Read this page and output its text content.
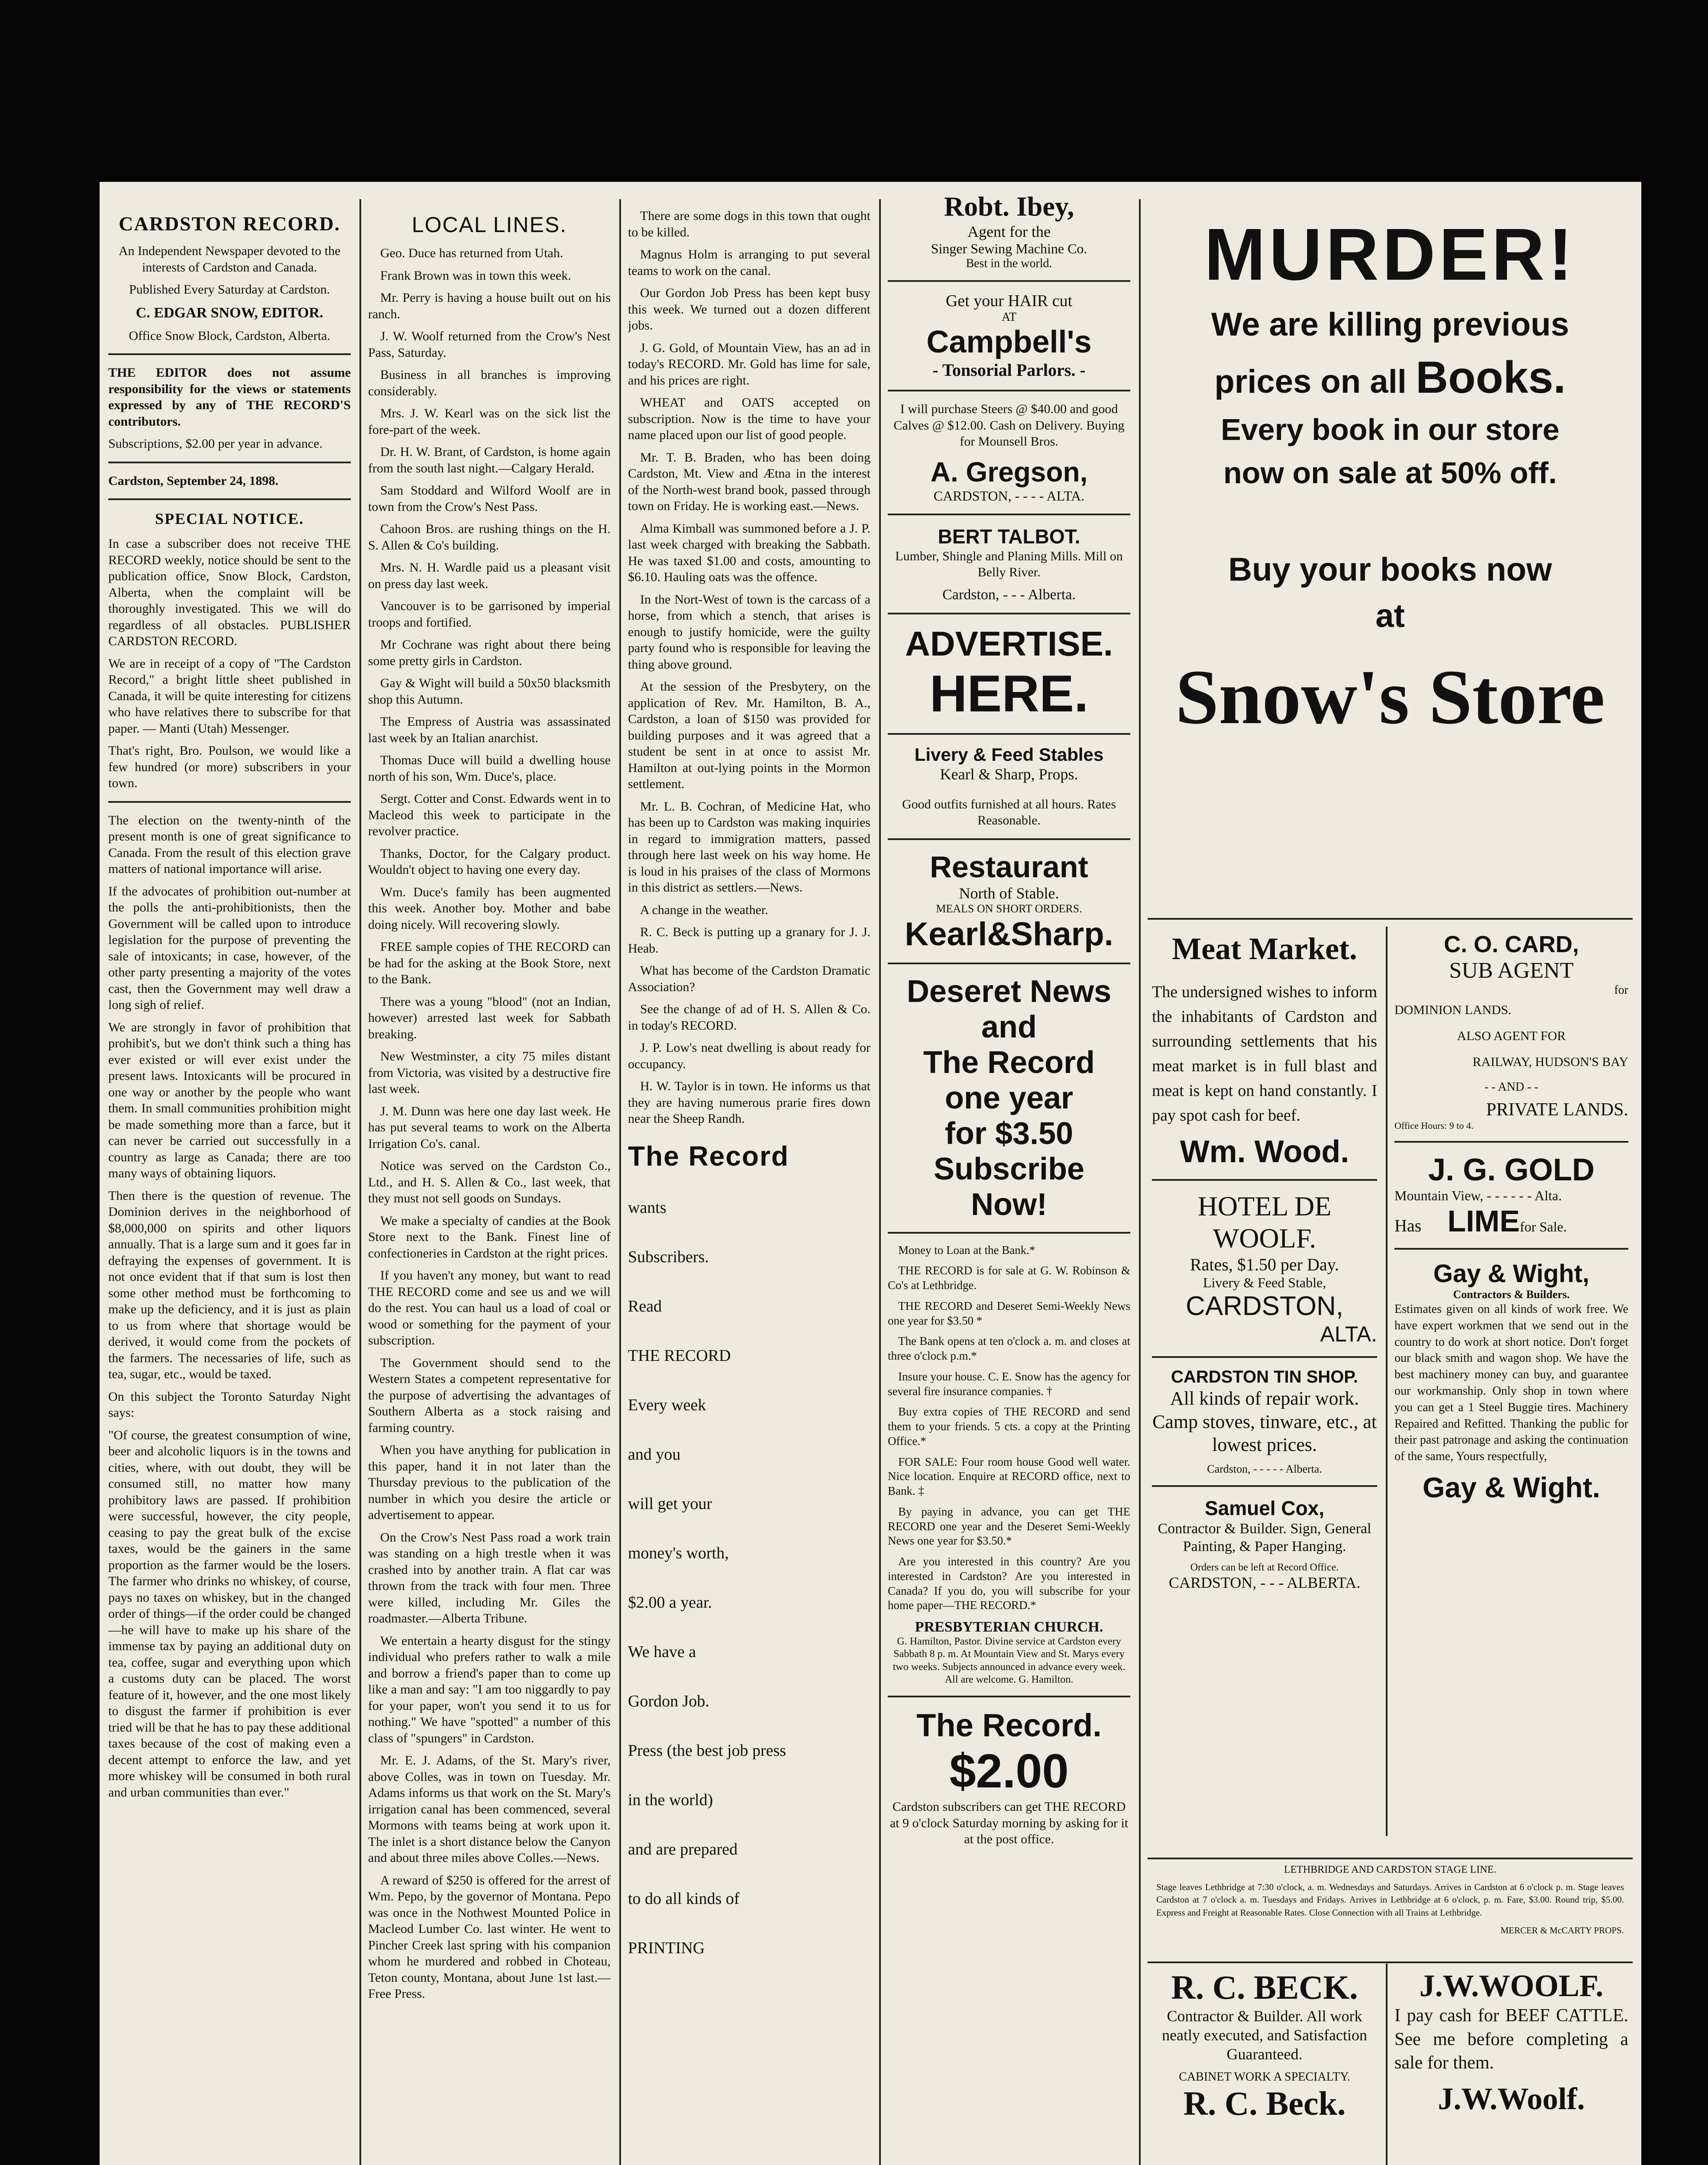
CARDSTON RECORD.

An Independent Newspaper devoted to the interests of Cardston and Canada.

Published Every Saturday at Cardston.

C. EDGAR SNOW, EDITOR.

Office Snow Block, Cardston, Alberta.

THE EDITOR does not assume responsibility for the views or statements expressed by any of THE RECORD'S contributors.

Subscriptions, $2.00 per year in advance.

Cardston, September 24, 1898.

SPECIAL NOTICE.

In case a subscriber does not receive THE RECORD weekly, notice should be sent to the publication office, Snow Block, Cardston, Alberta, when the complaint will be thoroughly investigated. This we will do regardless of all obstacles. PUBLISHER CARDSTON RECORD.

We are in receipt of a copy of "The Cardston Record," a bright little sheet published in Canada, it will be quite interesting for citizens who have relatives there to subscribe for that paper. — Manti (Utah) Messenger.

That's right, Bro. Poulson, we would like a few hundred (or more) subscribers in your town.

The election on the twenty-ninth of the present month is one of great significance to Canada. From the result of this election grave matters of national importance will arise.

If the advocates of prohibition out-number at the polls the anti-prohibitionists, then the Government will be called upon to introduce legislation for the purpose of preventing the sale of intoxicants; in case, however, of the other party presenting a majority of the votes cast, then the Government may well draw a long sigh of relief.

We are strongly in favor of prohibition that prohibit's, but we don't think such a thing has ever existed or will ever exist under the present laws. Intoxicants will be procured in one way or another by the people who want them. In small communities prohibition might be made something more than a farce, but it can never be carried out successfully in a country as large as Canada; there are too many ways of obtaining liquors.

Then there is the question of revenue. The Dominion derives in the neighborhood of $8,000,000 on spirits and other liquors annually. That is a large sum and it goes far in defraying the expenses of government. It is not once evident that if that sum is lost then some other method must be forthcoming to make up the deficiency, and it is just as plain to us from where that shortage would be derived, it would come from the pockets of the farmers. The necessaries of life, such as tea, sugar, etc., would be taxed.

On this subject the Toronto Saturday Night says:

"Of course, the greatest consumption of wine, beer and alcoholic liquors is in the towns and cities, where, with out doubt, they will be consumed still, no matter how many prohibitory laws are passed. If prohibition were successful, however, the city people, ceasing to pay the great bulk of the excise taxes, would be the gainers in the same proportion as the farmer would be the losers. The farmer who drinks no whiskey, of course, pays no taxes on whiskey, but in the changed order of things—if the order could be changed—he will have to make up his share of the immense tax by paying an additional duty on tea, coffee, sugar and everything upon which a customs duty can be placed. The worst feature of it, however, and the one most likely to disgust the farmer if prohibition is ever tried will be that he has to pay these additional taxes because of the cost of making even a decent attempt to enforce the law, and yet more whiskey will be consumed in both rural and urban communities than ever."

LOCAL LINES.

Geo. Duce has returned from Utah.

Frank Brown was in town this week.

Mr. Perry is having a house built out on his ranch.

J. W. Woolf returned from the Crow's Nest Pass, Saturday.

Business in all branches is improving considerably.

Mrs. J. W. Kearl was on the sick list the fore-part of the week.

Dr. H. W. Brant, of Cardston, is home again from the south last night.—Calgary Herald.

Sam Stoddard and Wilford Woolf are in town from the Crow's Nest Pass.

Cahoon Bros. are rushing things on the H. S. Allen & Co's building.

Mrs. N. H. Wardle paid us a pleasant visit on press day last week.

Vancouver is to be garrisoned by imperial troops and fortified.

Mr Cochrane was right about there being some pretty girls in Cardston.

Gay & Wight will build a 50x50 blacksmith shop this Autumn.

The Empress of Austria was assassinated last week by an Italian anarchist.

Thomas Duce will build a dwelling house north of his son, Wm. Duce's, place.

Sergt. Cotter and Const. Edwards went in to Macleod this week to participate in the revolver practice.

Thanks, Doctor, for the Calgary product. Wouldn't object to having one every day.

Wm. Duce's family has been augmented this week. Another boy. Mother and babe doing nicely. Will recovering slowly.

FREE sample copies of THE RECORD can be had for the asking at the Book Store, next to the Bank.

There was a young "blood" (not an Indian, however) arrested last week for Sabbath breaking.

New Westminster, a city 75 miles distant from Victoria, was visited by a destructive fire last week.

J. M. Dunn was here one day last week. He has put several teams to work on the Alberta Irrigation Co's. canal.

Notice was served on the Cardston Co., Ltd., and H. S. Allen & Co., last week, that they must not sell goods on Sundays.

We make a specialty of candies at the Book Store next to the Bank. Finest line of confectioneries in Cardston at the right prices.

If you haven't any money, but want to read THE RECORD come and see us and we will do the rest. You can haul us a load of coal or wood or something for the payment of your subscription.

The Government should send to the Western States a competent representative for the purpose of advertising the advantages of Southern Alberta as a stock raising and farming country.

When you have anything for publication in this paper, hand it in not later than the Thursday previous to the publication of the number in which you desire the article or advertisement to appear.

On the Crow's Nest Pass road a work train was standing on a high trestle when it was crashed into by another train. A flat car was thrown from the track with four men. Three were killed, including Mr. Giles the roadmaster.—Alberta Tribune.

We entertain a hearty disgust for the stingy individual who prefers rather to walk a mile and borrow a friend's paper than to come up like a man and say: "I am too niggardly to pay for your paper, won't you send it to us for nothing." We have "spotted" a number of this class of "spungers" in Cardston.

Mr. E. J. Adams, of the St. Mary's river, above Colles, was in town on Tuesday. Mr. Adams informs us that work on the St. Mary's irrigation canal has been commenced, several Mormons with teams being at work upon it. The inlet is a short distance below the Canyon and about three miles above Colles.—News.

A reward of $250 is offered for the arrest of Wm. Pepo, by the governor of Montana. Pepo was once in the Nothwest Mounted Police in Macleod Lumber Co. last winter. He went to Pincher Creek last spring with his companion whom he murdered and robbed in Choteau, Teton county, Montana, about June 1st last.—Free Press.

There are some dogs in this town that ought to be killed.

Magnus Holm is arranging to put several teams to work on the canal.

Our Gordon Job Press has been kept busy this week. We turned out a dozen different jobs.

J. G. Gold, of Mountain View, has an ad in today's RECORD. Mr. Gold has lime for sale, and his prices are right.

WHEAT and OATS accepted on subscription. Now is the time to have your name placed upon our list of good people.

Mr. T. B. Braden, who has been doing Cardston, Mt. View and Ætna in the interest of the North-west brand book, passed through town on Friday. He is working east.—News.

Alma Kimball was summoned before a J. P. last week charged with breaking the Sabbath. He was taxed $1.00 and costs, amounting to $6.10. Hauling oats was the offence.

In the Nort-West of town is the carcass of a horse, from which a stench, that arises is enough to justify homicide, were the guilty party found who is responsible for leaving the thing above ground.

At the session of the Presbytery, on the application of Rev. Mr. Hamilton, B. A., Cardston, a loan of $150 was provided for building purposes and it was agreed that a student be sent in at once to assist Mr. Hamilton at out-lying points in the Mormon settlement.

Mr. L. B. Cochran, of Medicine Hat, who has been up to Cardston was making inquiries in regard to immigration matters, passed through here last week on his way home. He is loud in his praises of the class of Mormons in this district as settlers.—News.

A change in the weather.

R. C. Beck is putting up a granary for J. J. Heab.

What has become of the Cardston Dramatic Association?

See the change of ad of H. S. Allen & Co. in today's RECORD.

J. P. Low's neat dwelling is about ready for occupancy.

H. W. Taylor is in town. He informs us that they are having numerous prarie fires down near the Sheep Randh.

The Record
wants
Subscribers.
Read
THE RECORD
Every week
and you
will get your
money's worth,
$2.00 a year.
We have a
Gordon Job.
Press (the best job press
in the world)
and are prepared
to do all kinds of
PRINTING
Robt. Ibey,
Agent for the
Singer Sewing Machine Co.
Best in the world.
Get your HAIR cut
AT
Campbell's
- Tonsorial Parlors. -

I will purchase Steers @ $40.00 and good Calves @ $12.00. Cash on Delivery. Buying for Mounsell Bros.

A. Gregson,
CARDSTON, - - - - ALTA.
BERT TALBOT.

Lumber, Shingle and Planing Mills. Mill on Belly River.

Cardston, - - - Alberta.
ADVERTISE.
HERE.
Livery & Feed Stables
Kearl & Sharp, Props.

Good outfits furnished at all hours. Rates Reasonable.

Restaurant
North of Stable.
MEALS ON SHORT ORDERS.
Kearl&Sharp.
Deseret News
and
The Record
one year
for $3.50
Subscribe
Now!

Money to Loan at the Bank.*

THE RECORD is for sale at G. W. Robinson & Co's at Lethbridge.

THE RECORD and Deseret Semi-Weekly News one year for $3.50 *

The Bank opens at ten o'clock a. m. and closes at three o'clock p.m.*

Insure your house. C. E. Snow has the agency for several fire insurance companies. †

Buy extra copies of THE RECORD and send them to your friends. 5 cts. a copy at the Printing Office.*

FOR SALE: Four room house Good well water. Nice location. Enquire at RECORD office, next to Bank. ‡

By paying in advance, you can get THE RECORD one year and the Deseret Semi-Weekly News one year for $3.50.*

Are you interested in this country? Are you interested in Cardston? Are you interested in Canada? If you do, you will subscribe for your home paper—THE RECORD.*

PRESBYTERIAN CHURCH.

G. Hamilton, Pastor. Divine service at Cardston every Sabbath 8 p. m. At Mountain View and St. Marys every two weeks. Subjects announced in advance every week. All are welcome. G. Hamilton.

The Record.
$2.00

Cardston subscribers can get THE RECORD at 9 o'clock Saturday morning by asking for it at the post office.

MURDER!
We are killing previous
prices on all Books.
Every book in our store
now on sale at 50% off.
Buy your books now
at
Snow's Store
Meat Market.

The undersigned wishes to inform the inhabitants of Cardston and surrounding settlements that his meat market is in full blast and meat is kept on hand constantly. I pay spot cash for beef.

Wm. Wood.
HOTEL DE WOOLF.
Rates, $1.50 per Day.
Livery & Feed Stable,
CARDSTON,
ALTA.
CARDSTON TIN SHOP.

All kinds of repair work. Camp stoves, tinware, etc., at lowest prices.

Cardston, - - - - - Alberta.
Samuel Cox,

Contractor & Builder. Sign, General Painting, & Paper Hanging.

Orders can be left at Record Office.
CARDSTON, - - - ALBERTA.
C. O. CARD,
SUB AGENT
for
DOMINION LANDS.
ALSO AGENT FOR
RAILWAY, HUDSON'S BAY
- - AND - -
PRIVATE LANDS.
Office Hours: 9 to 4.
J. G. GOLD
Mountain View, - - - - - - Alta.
Has LIMEfor Sale.
Gay & Wight,
Contractors & Builders.

Estimates given on all kinds of work free. We have expert workmen that we send out in the country to do work at short notice. Don't forget our black smith and wagon shop. We have the best machinery money can buy, and guarantee our workmanship. Only shop in town where you can get a 1 Steel Buggie tires. Machinery Repaired and Refitted. Thanking the public for their past patronage and asking the continuation of the same, Yours respectfully,

Gay & Wight.
LETHBRIDGE AND CARDSTON STAGE LINE.

Stage leaves Lethbridge at 7:30 o'clock, a. m. Wednesdays and Saturdays. Arrives in Cardston at 6 o'clock p. m. Stage leaves Cardston at 7 o'clock a. m. Tuesdays and Fridays. Arrives in Lethbridge at 6 o'clock, p. m. Fare, $3.00. Round trip, $5.00. Express and Freight at Reasonable Rates. Close Connection with all Trains at Lethbridge.

MERCER & McCARTY PROPS.
R. C. BECK.

Contractor & Builder. All work neatly executed, and Satisfaction Guaranteed.

CABINET WORK A SPECIALTY.
R. C. Beck.
J.W.WOOLF.

I pay cash for BEEF CATTLE. See me before completing a sale for them.

J.W.Woolf.
